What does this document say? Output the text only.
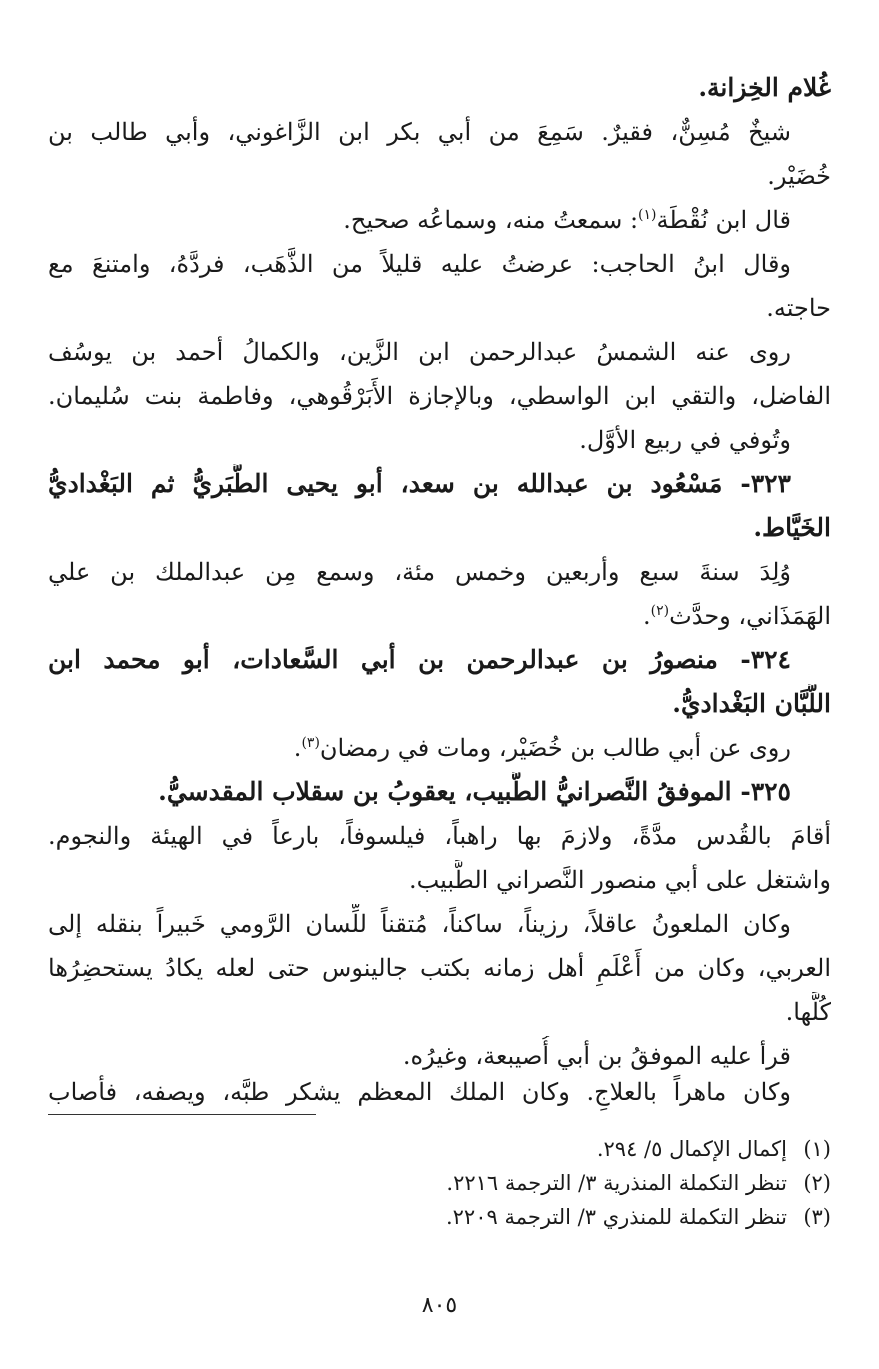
غُلام الخِزانة.
شيخٌ مُسِنٌّ، فقيرٌ. سَمِعَ من أبي بكر ابن الزَّاغوني، وأبي طالب بن
خُضَيْر.
قال ابن نُقْطَة$^{(١)}$: سمعتُ منه، وسماعُه صحيح.
وقال ابنُ الحاجب: عرضتُ عليه قليلاً من الذَّهَب، فردَّهُ، وامتنعَ مع
حاجته.
روى عنه الشمسُ عبدالرحمن ابن الزَّين، والكمالُ أحمد بن يوسُف
الفاضل، والتقي ابن الواسطي، وبالإجازة الأَبَرْقُوهي، وفاطمة بنت سُليمان.
وتُوفي في ربيع الأوَّل.
٣٢٣- مَسْعُود بن عبدالله بن سعد، أبو يحيى الطَّبَريُّ ثم البَغْداديُّ
الخَيَّاط.
وُلِدَ سنةَ سبع وأربعين وخمس مئة، وسمع مِن عبدالملك بن علي
الهَمَذَاني، وحدَّث$^{(٢)}$.
٣٢٤- منصورُ بن عبدالرحمن بن أبي السَّعادات، أبو محمد ابن
اللَّبَّان البَغْداديُّ.
روى عن أبي طالب بن خُضَيْر، ومات في رمضان$^{(٣)}$.
٣٢٥- الموفقُ النَّصرانيُّ الطَّبيب، يعقوبُ بن سقلاب المقدسيُّ.
أقامَ بالقُدس مدَّةً، ولازمَ بها راهباً، فيلسوفاً، بارعاً في الهيئة والنجوم.
واشتغل على أبي منصور النَّصراني الطَّبيب.
وكان الملعونُ عاقلاً، رزيناً، ساكناً، مُتقناً للِّسان الرَّومي خَبيراً بنقله إلى
العربي، وكان من أَعْلَمِ أهل زمانه بكتب جالينوس حتى لعله يكادُ يستحضِرُها
كُلَّها.
قرأ عليه الموفقُ بن أبي أُصيبعة، وغيرُه.
وكان ماهراً بالعلاجِ. وكان الملك المعظم يشكر طبَّه، ويصفه، فأصاب
(١)إكمال الإكمال ٥/ ٢٩٤.
(٢)تنظر التكملة المنذرية ٣/ الترجمة ٢٢١٦.
(٣)تنظر التكملة للمنذري ٣/ الترجمة ٢٢٠٩.
٨٠٥
